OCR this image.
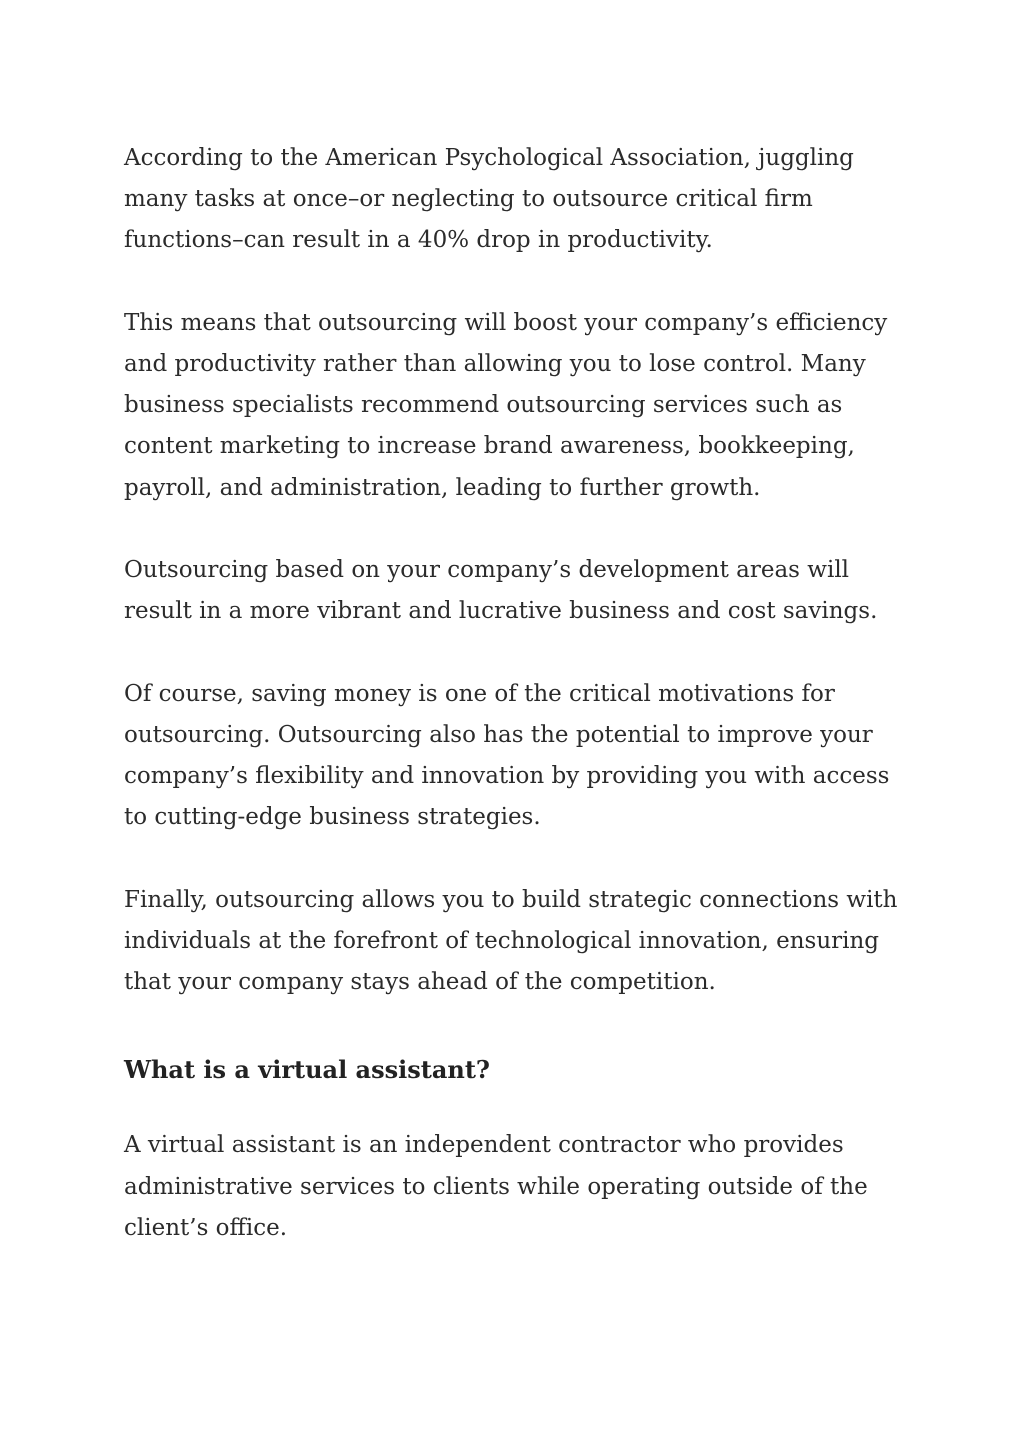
According to the American Psychological Association, juggling many tasks at once–or neglecting to outsource critical firm functions–can result in a 40% drop in productivity.

This means that outsourcing will boost your company’s efficiency and productivity rather than allowing you to lose control. Many business specialists recommend outsourcing services such as content marketing to increase brand awareness, bookkeeping, payroll, and administration, leading to further growth.

Outsourcing based on your company’s development areas will result in a more vibrant and lucrative business and cost savings.

Of course, saving money is one of the critical motivations for outsourcing. Outsourcing also has the potential to improve your company’s flexibility and innovation by providing you with access to cutting-edge business strategies.

Finally, outsourcing allows you to build strategic connections with individuals at the forefront of technological innovation, ensuring that your company stays ahead of the competition.

What is a virtual assistant?

A virtual assistant is an independent contractor who provides administrative services to clients while operating outside of the client’s office.
